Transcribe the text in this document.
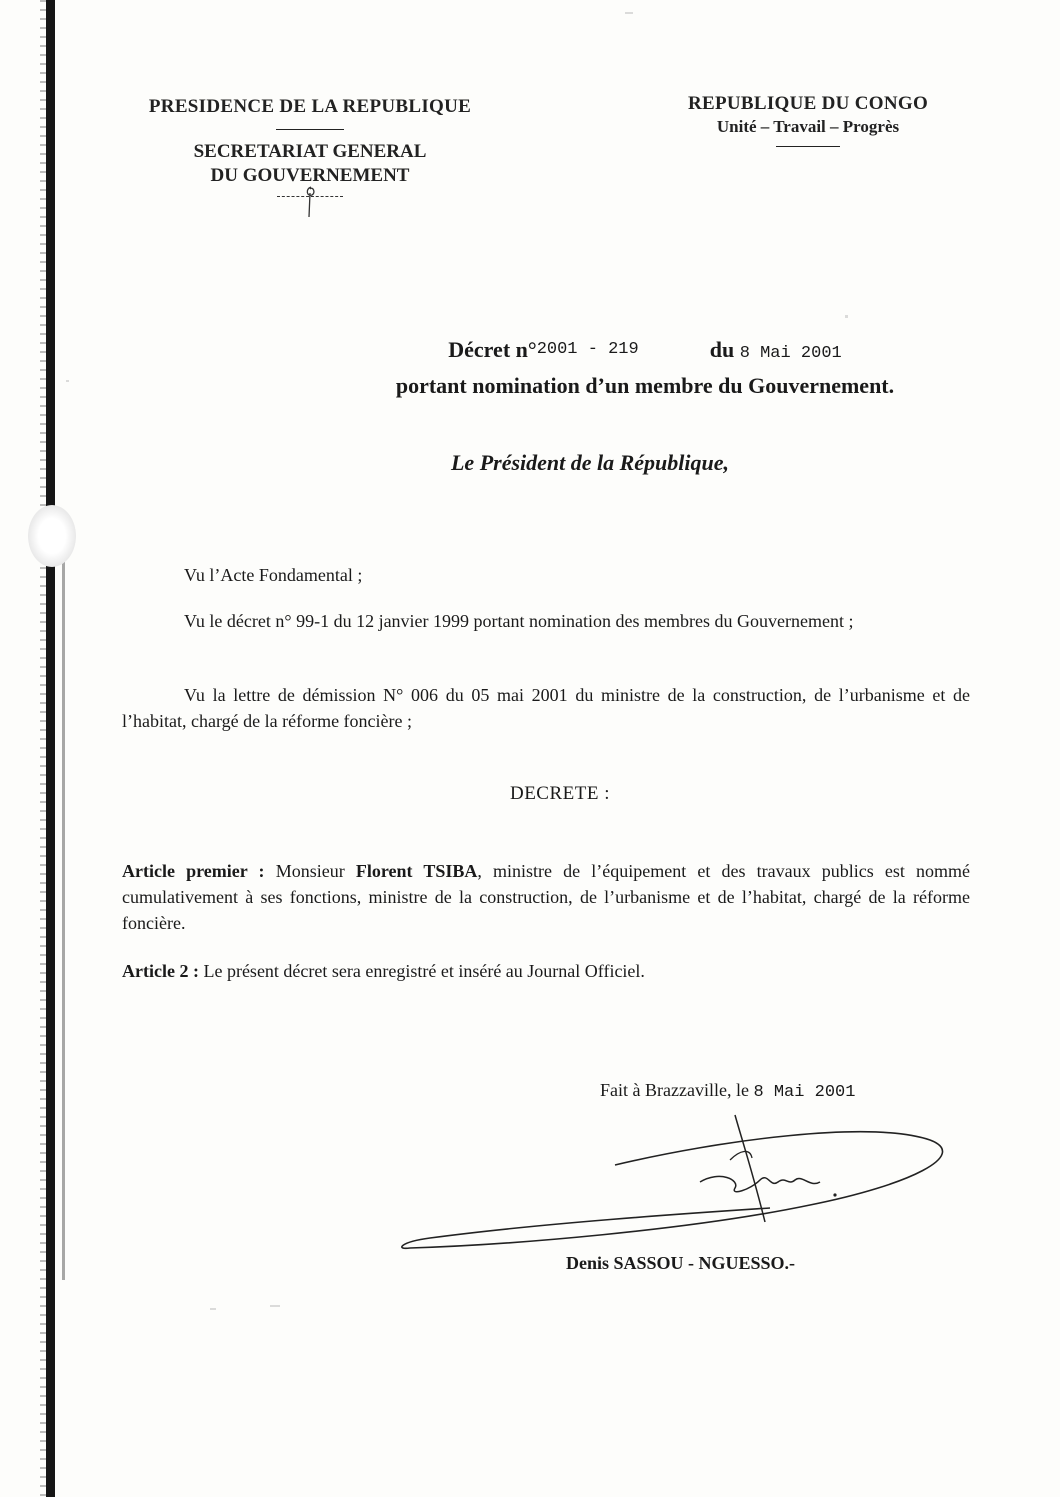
PRESIDENCE DE LA REPUBLIQUE
SECRETARIAT GENERAL
DU GOUVERNEMENT
REPUBLIQUE DU CONGO
Unité – Travail – Progrès
Décret n°$^{2001 - 219}$	du 8 Mai 2001
portant nomination d’un membre du Gouvernement.
Le Président de la République,
Vu l’Acte Fondamental ;
Vu le décret n° 99-1 du 12 janvier 1999 portant nomination des membres du Gouvernement ;
Vu la lettre de démission N° 006 du 05 mai 2001 du ministre de la construction, de l’urbanisme et de l’habitat, chargé de la réforme foncière ;
DECRETE :
Article premier : Monsieur Florent TSIBA, ministre de l’équipement et des travaux publics est nommé cumulativement à ses fonctions, ministre de la construction, de l’urbanisme et de l’habitat, chargé de la réforme foncière.
Article 2 : Le présent décret sera enregistré et inséré au Journal Officiel.
Fait à Brazzaville, le 8 Mai 2001
Denis SASSOU - NGUESSO.-
